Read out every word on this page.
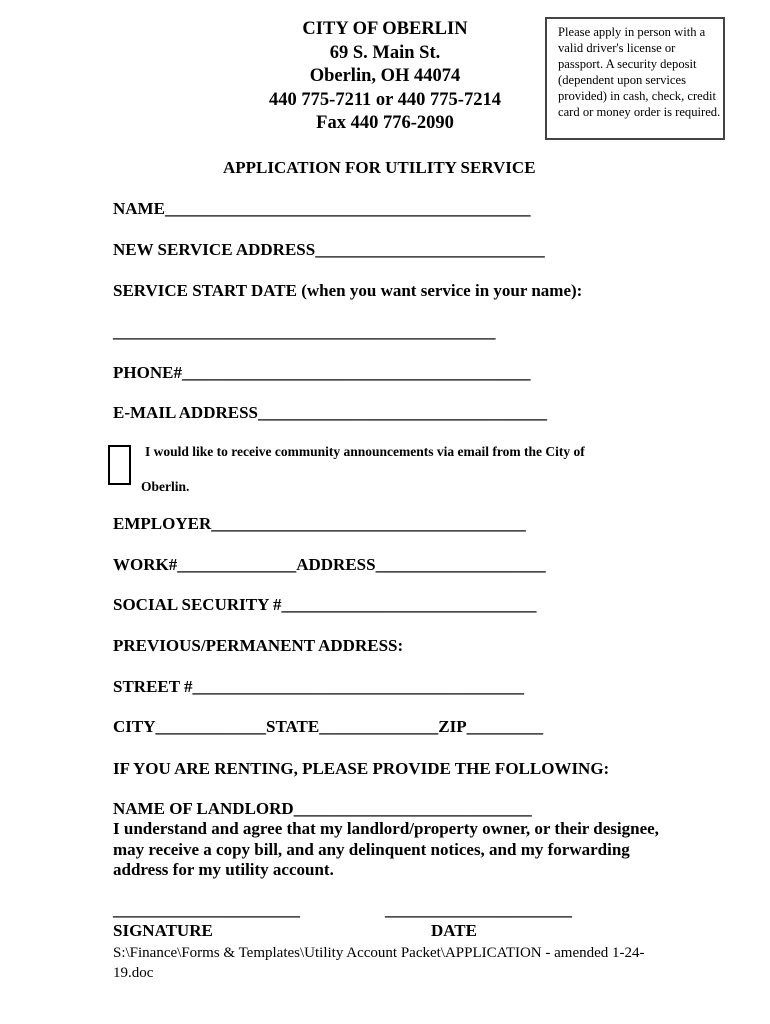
CITY OF OBERLIN
69 S. Main St.
Oberlin, OH 44074
440 775-7211 or 440 775-7214
Fax 440 776-2090
Please apply in person with a valid driver's license or passport. A security deposit (dependent upon services provided) in cash, check, credit card or money order is required.
APPLICATION FOR UTILITY SERVICE
NAME___________________________________________
NEW SERVICE ADDRESS___________________________
SERVICE START DATE (when you want service in your name):
_____________________________________________
PHONE#_________________________________________
E-MAIL ADDRESS__________________________________
I would like to receive community announcements via email from the City of
Oberlin.
EMPLOYER_____________________________________
WORK#______________ADDRESS____________________
SOCIAL SECURITY #______________________________
PREVIOUS/PERMANENT ADDRESS:
STREET #_______________________________________
CITY_____________STATE______________ZIP_________
IF YOU ARE RENTING, PLEASE PROVIDE THE FOLLOWING:
NAME OF LANDLORD____________________________
I understand and agree that my landlord/property owner, or their designee, may receive a copy bill, and any delinquent notices, and my forwarding address for my utility account.
______________________	______________________
SIGNATURE	DATE
S:\Finance\Forms & Templates\Utility Account Packet\APPLICATION - amended 1-24-19.doc
